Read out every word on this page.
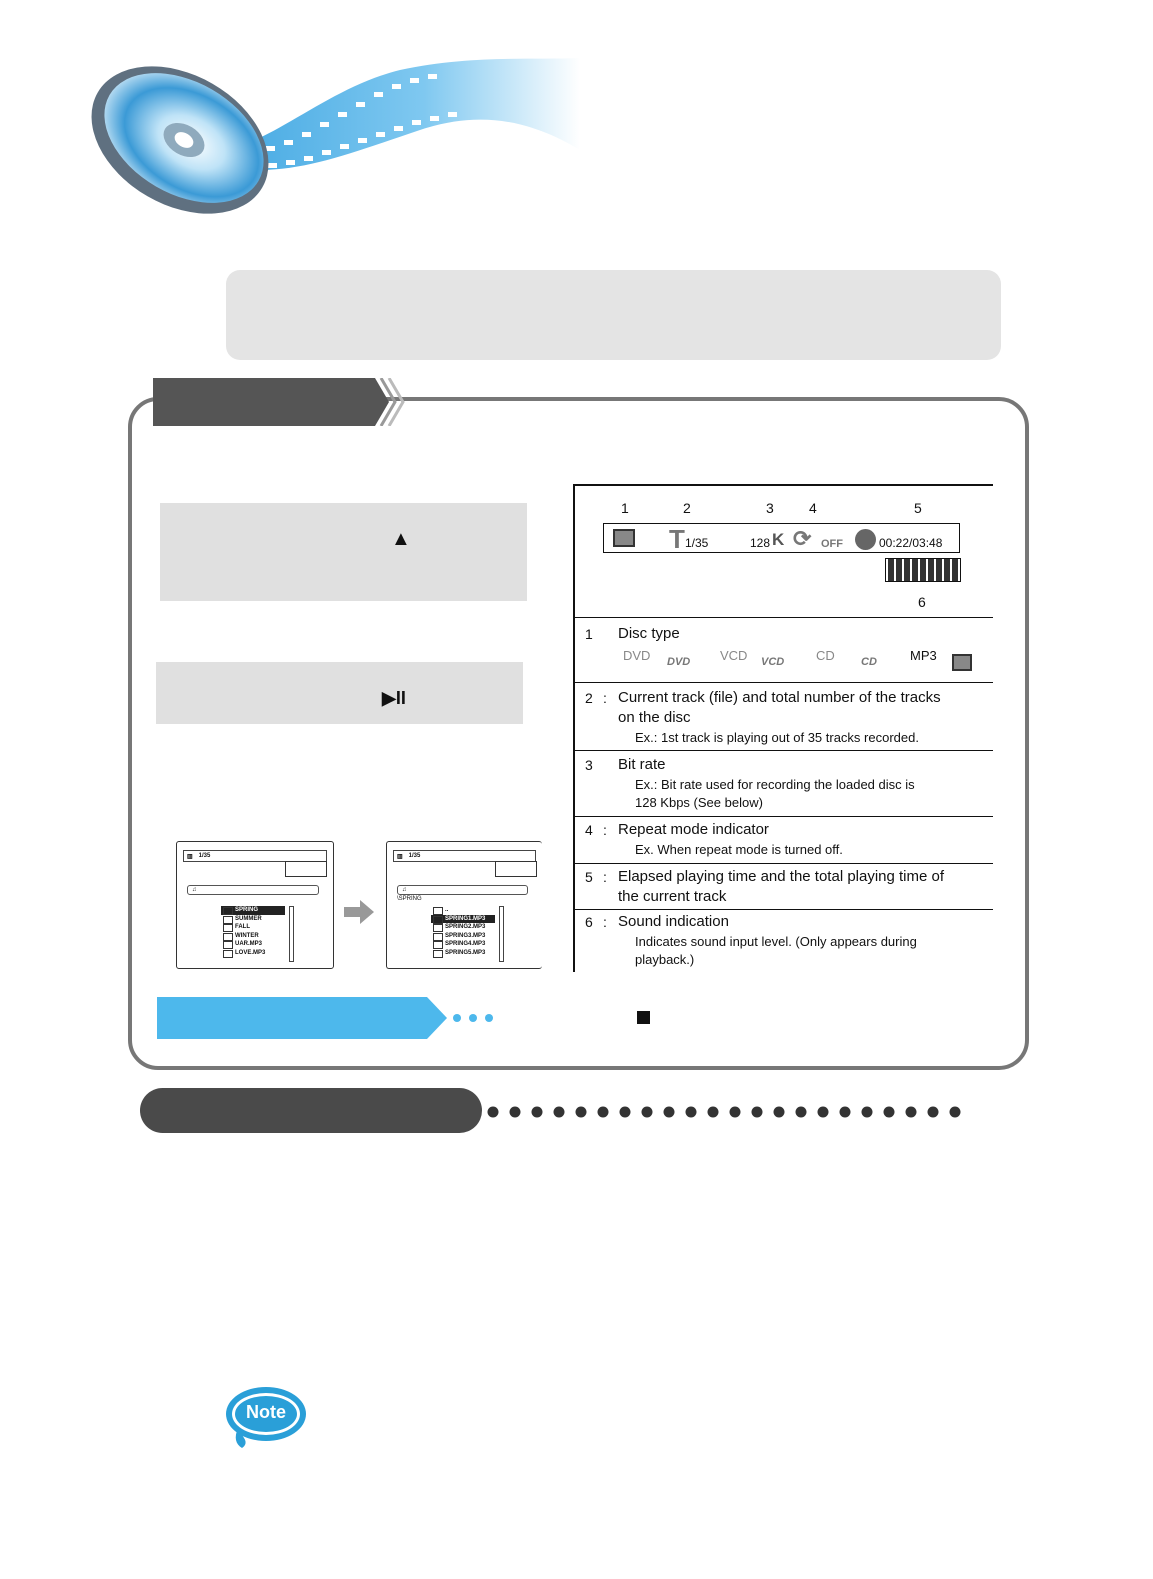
▲
▶II
▥ 1/35
♫
SPRING
SUMMER
FALL
WINTER
UAR.MP3
LOVE.MP3
▥ 1/35
♫
\SPRING
..
SPRING1.MP3
SPRING2.MP3
SPRING3.MP3
SPRING4.MP3
SPRING5.MP3
1	2	3	4	5
T 1/35	128 K ⟳ OFF	00:22/03:48
6
1 Disc type
DVD DVD VCD VCD CD CD	MP3
2 : Current track (file) and total number of the tracks
on the disc
Ex.: 1st track is playing out of 35 tracks recorded.
3 Bit rate
Ex.: Bit rate used for recording the loaded disc is
128 Kbps (See below)
4 : Repeat mode indicator
Ex. When repeat mode is turned off.
5 : Elapsed playing time and the total playing time of
the current track
6 : Sound indication
Indicates sound input level. (Only appears during
playback.)
Note
